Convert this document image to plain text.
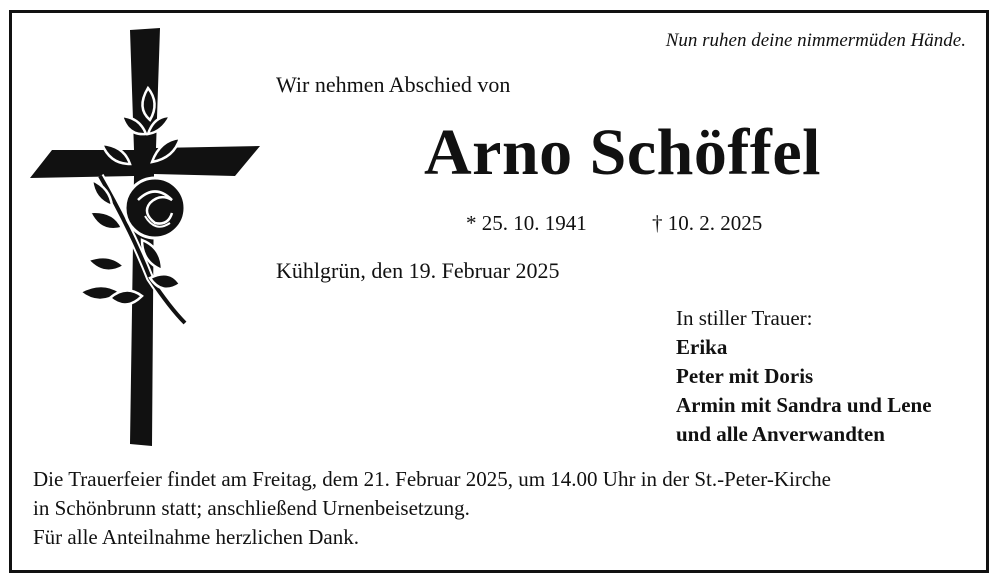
Nun ruhen deine nimmermüden Hände.
Wir nehmen Abschied von
Arno Schöffel
* 25. 10. 1941	† 10. 2. 2025
Kühlgrün, den 19. Februar 2025
In stiller Trauer:
Erika
Peter mit Doris
Armin mit Sandra und Lene
und alle Anverwandten
Die Trauerfeier findet am Freitag, dem 21. Februar 2025, um 14.00 Uhr in der St.-Peter-Kirche
in Schönbrunn statt; anschließend Urnenbeisetzung.
Für alle Anteilnahme herzlichen Dank.
